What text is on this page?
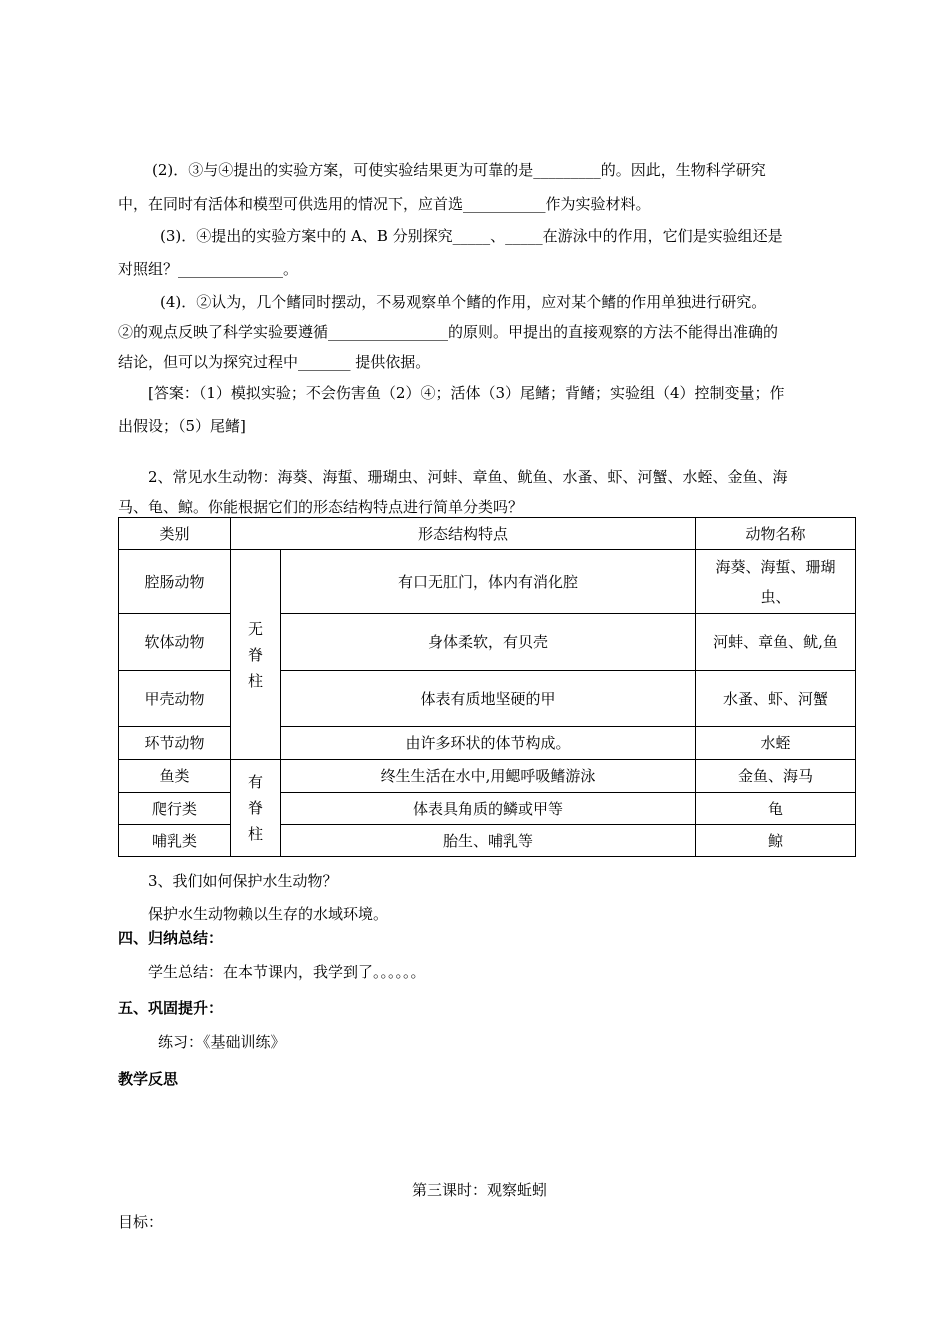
(2)．③与④提出的实验方案，可使实验结果更为可靠的是_________的。因此，生物科学研究
中，在同时有活体和模型可供选用的情况下，应首选___________作为实验材料。
(3)．④提出的实验方案中的 A、B 分别探究_____、_____在游泳中的作用，它们是实验组还是
对照组？______________。
(4)．②认为，几个鳍同时摆动，不易观察单个鳍的作用，应对某个鳍的作用单独进行研究。
②的观点反映了科学实验要遵循________________的原则。甲提出的直接观察的方法不能得出准确的
结论，但可以为探究过程中_______ 提供依据。
[答案：（1）模拟实验；不会伤害鱼（2）④；活体（3）尾鳍；背鳍；实验组（4）控制变量；作
出假设；（5）尾鳍]
2、常见水生动物：海葵、海蜇、珊瑚虫、河蚌、章鱼、鱿鱼、水蚤、虾、河蟹、水蛭、金鱼、海
马、龟、鲸。你能根据它们的形态结构特点进行简单分类吗？
类别	形态结构特点		动物名称
腔肠动物	无脊柱	有口无肛门，体内有消化腔	海葵、海蜇、珊瑚虫、
软体动物		身体柔软，有贝壳	河蚌、章鱼、鱿,鱼
甲壳动物		体表有质地坚硬的甲	水蚤、虾、河蟹
环节动物		由许多环状的体节构成。	水蛭
鱼类	有脊柱	终生生活在水中,用鳃呼吸鳍游泳	金鱼、海马
爬行类		体表具角质的鳞或甲等	龟
哺乳类		胎生、哺乳等	鲸
3、我们如何保护水生动物？
保护水生动物赖以生存的水域环境。
四、归纳总结：
学生总结：在本节课内，我学到了。。。。。。
五、巩固提升：
练习：《基础训练》
教学反思
第三课时：观察蚯蚓
目标：
